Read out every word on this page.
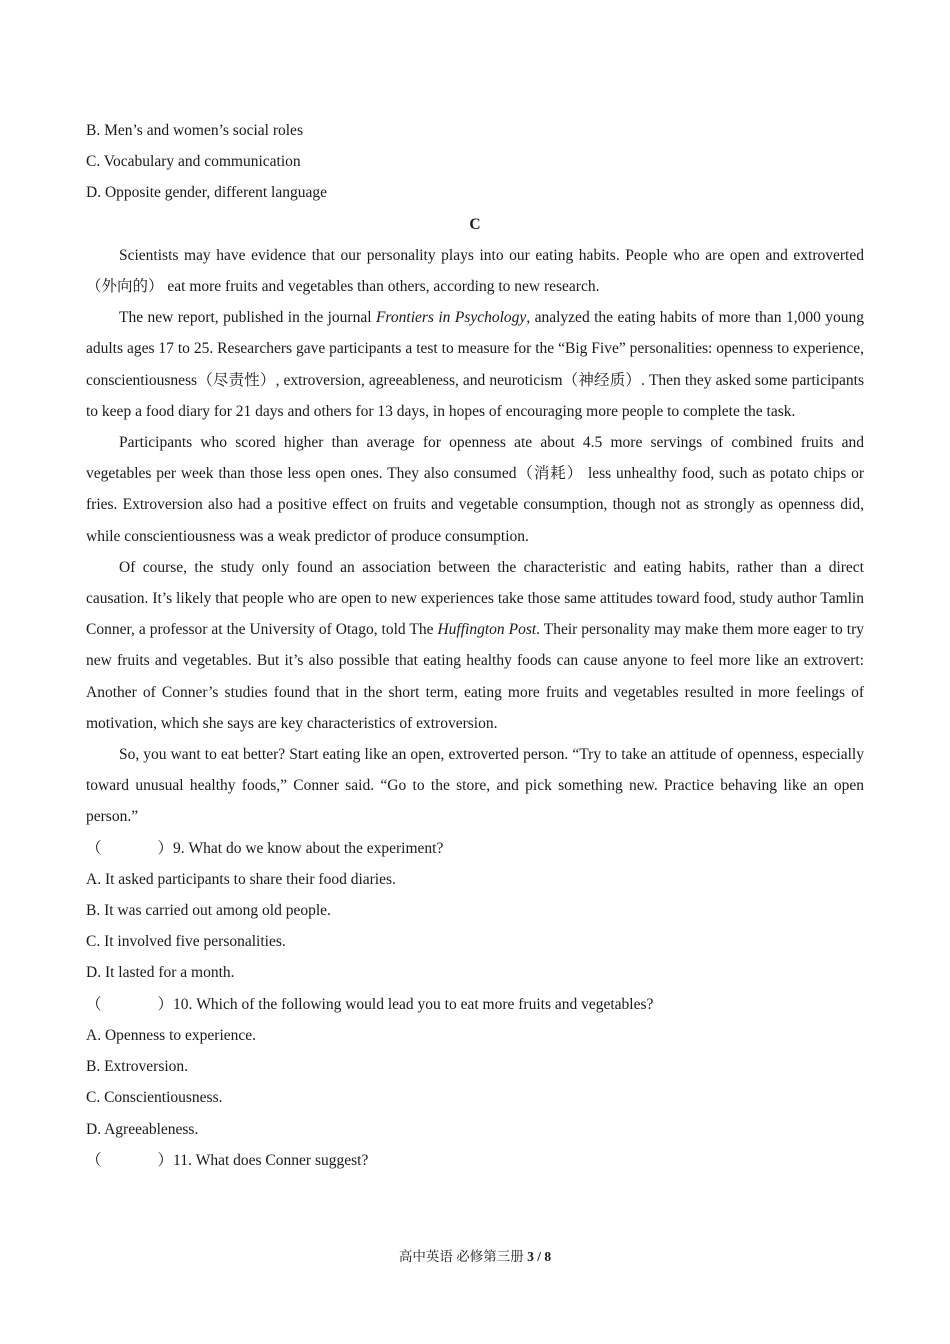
B. Men’s and women’s social roles

C. Vocabulary and communication

D. Opposite gender, different language

C

Scientists may have evidence that our personality plays into our eating habits. People who are open and extroverted（外向的） eat more fruits and vegetables than others, according to new research.

The new report, published in the journal Frontiers in Psychology, analyzed the eating habits of more than 1,000 young adults ages 17 to 25. Researchers gave participants a test to measure for the “Big Five” personalities: openness to experience, conscientiousness（尽责性）, extroversion, agreeableness, and neuroticism（神经质）. Then they asked some participants to keep a food diary for 21 days and others for 13 days, in hopes of encouraging more people to complete the task.

Participants who scored higher than average for openness ate about 4.5 more servings of combined fruits and vegetables per week than those less open ones. They also consumed（消耗） less unhealthy food, such as potato chips or fries. Extroversion also had a positive effect on fruits and vegetable consumption, though not as strongly as openness did, while conscientiousness was a weak predictor of produce consumption.

Of course, the study only found an association between the characteristic and eating habits, rather than a direct causation. It’s likely that people who are open to new experiences take those same attitudes toward food, study author Tamlin Conner, a professor at the University of Otago, told The Huffington Post. Their personality may make them more eager to try new fruits and vegetables. But it’s also possible that eating healthy foods can cause anyone to feel more like an extrovert: Another of Conner’s studies found that in the short term, eating more fruits and vegetables resulted in more feelings of motivation, which she says are key characteristics of extroversion.

So, you want to eat better? Start eating like an open, extroverted person. “Try to take an attitude of openness, especially toward unusual healthy foods,” Conner said. “Go to the store, and pick something new. Practice behaving like an open person.”

（	）9. What do we know about the experiment?

A. It asked participants to share their food diaries.

B. It was carried out among old people.

C. It involved five personalities.

D. It lasted for a month.

（	）10. Which of the following would lead you to eat more fruits and vegetables?

A. Openness to experience.

B. Extroversion.

C. Conscientiousness.

D. Agreeableness.

（	）11. What does Conner suggest?

高中英语 必修第三册 3 / 8
